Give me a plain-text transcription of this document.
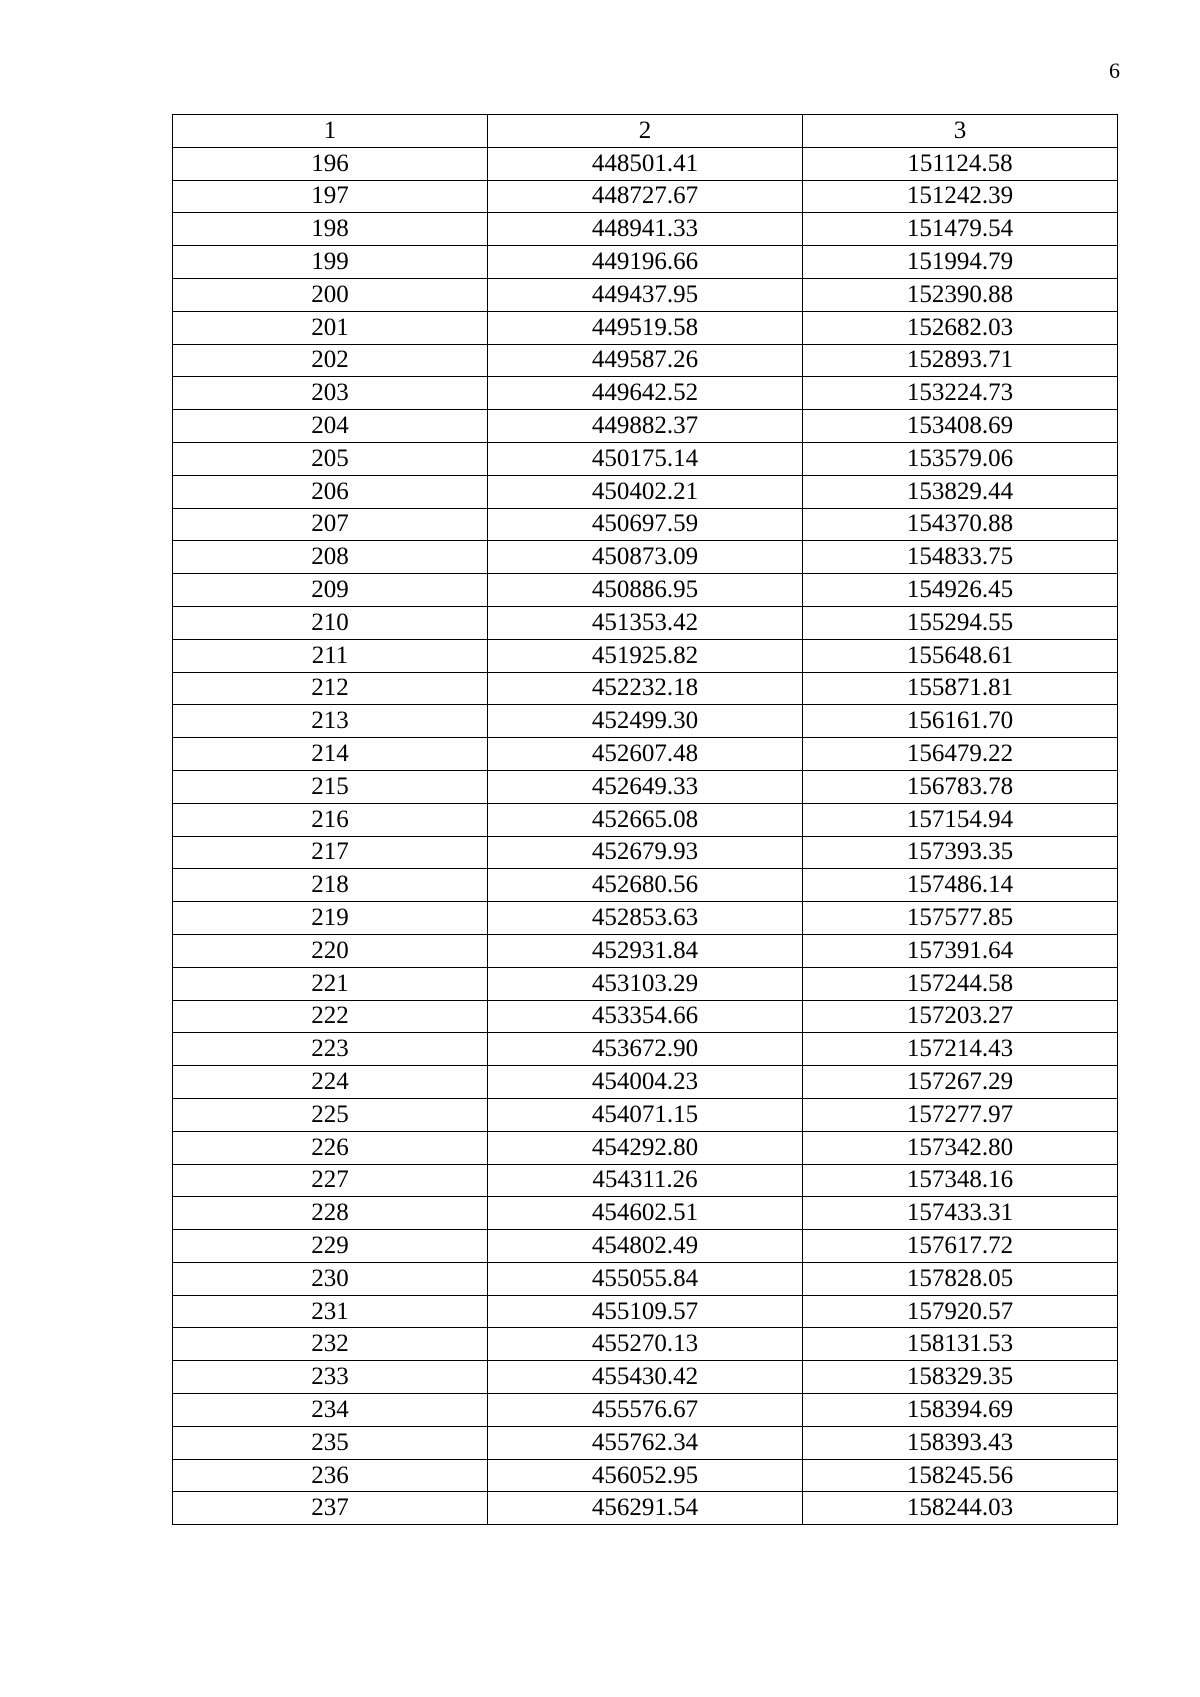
6
1	2	3
196	448501.41	151124.58
197	448727.67	151242.39
198	448941.33	151479.54
199	449196.66	151994.79
200	449437.95	152390.88
201	449519.58	152682.03
202	449587.26	152893.71
203	449642.52	153224.73
204	449882.37	153408.69
205	450175.14	153579.06
206	450402.21	153829.44
207	450697.59	154370.88
208	450873.09	154833.75
209	450886.95	154926.45
210	451353.42	155294.55
211	451925.82	155648.61
212	452232.18	155871.81
213	452499.30	156161.70
214	452607.48	156479.22
215	452649.33	156783.78
216	452665.08	157154.94
217	452679.93	157393.35
218	452680.56	157486.14
219	452853.63	157577.85
220	452931.84	157391.64
221	453103.29	157244.58
222	453354.66	157203.27
223	453672.90	157214.43
224	454004.23	157267.29
225	454071.15	157277.97
226	454292.80	157342.80
227	454311.26	157348.16
228	454602.51	157433.31
229	454802.49	157617.72
230	455055.84	157828.05
231	455109.57	157920.57
232	455270.13	158131.53
233	455430.42	158329.35
234	455576.67	158394.69
235	455762.34	158393.43
236	456052.95	158245.56
237	456291.54	158244.03
